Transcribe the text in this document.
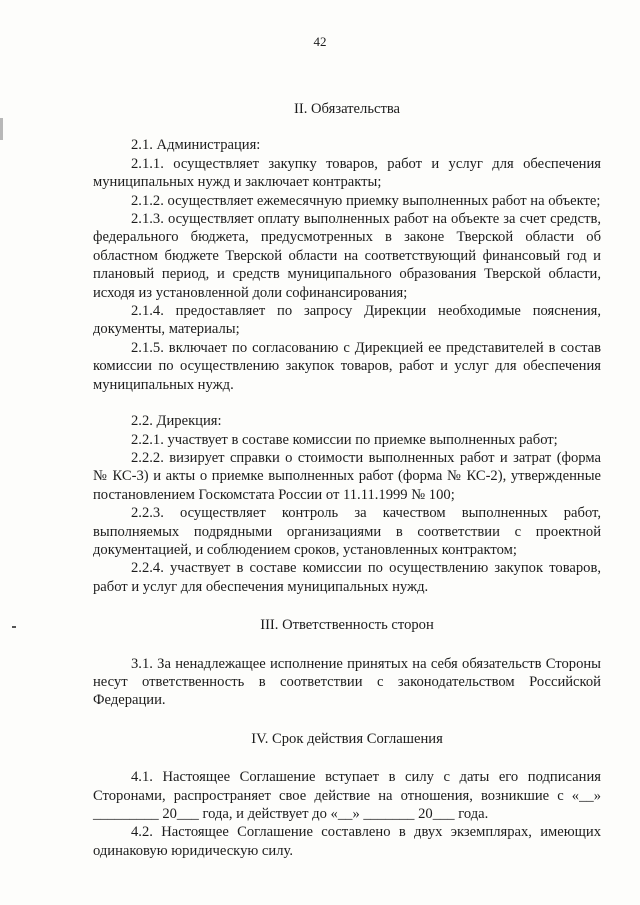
42

II. Обязательства

2.1. Администрация:

2.1.1. осуществляет закупку товаров, работ и услуг для обеспечения муниципальных нужд и заключает контракты;

2.1.2. осуществляет ежемесячную приемку выполненных работ на объекте;

2.1.3. осуществляет оплату выполненных работ на объекте за счет средств, федерального бюджета, предусмотренных в законе Тверской области об областном бюджете Тверской области на соответствующий финансовый год и плановый период, и средств муниципального образования Тверской области, исходя из установленной доли софинансирования;

2.1.4. предоставляет по запросу Дирекции необходимые пояснения, документы, материалы;

2.1.5. включает по согласованию с Дирекцией ее представителей в состав комиссии по осуществлению закупок товаров, работ и услуг для обеспечения муниципальных нужд.

2.2. Дирекция:

2.2.1. участвует в составе комиссии по приемке выполненных работ;

2.2.2. визирует справки о стоимости выполненных работ и затрат (форма № КС-3) и акты о приемке выполненных работ (форма № КС-2), утвержденные постановлением Госкомстата России от 11.11.1999 № 100;

2.2.3. осуществляет контроль за качеством выполненных работ, выполняемых подрядными организациями в соответствии с проектной документацией, и соблюдением сроков, установленных контрактом;

2.2.4. участвует в составе комиссии по осуществлению закупок товаров, работ и услуг для обеспечения муниципальных нужд.

III. Ответственность сторон

3.1. За ненадлежащее исполнение принятых на себя обязательств Стороны несут ответственность в соответствии с законодательством Российской Федерации.

IV. Срок действия Соглашения

4.1. Настоящее Соглашение вступает в силу с даты его подписания Сторонами, распространяет свое действие на отношения, возникшие с «__» _________ 20___ года, и действует до «__» _______ 20___ года.

4.2. Настоящее Соглашение составлено в двух экземплярах, имеющих одинаковую юридическую силу.
